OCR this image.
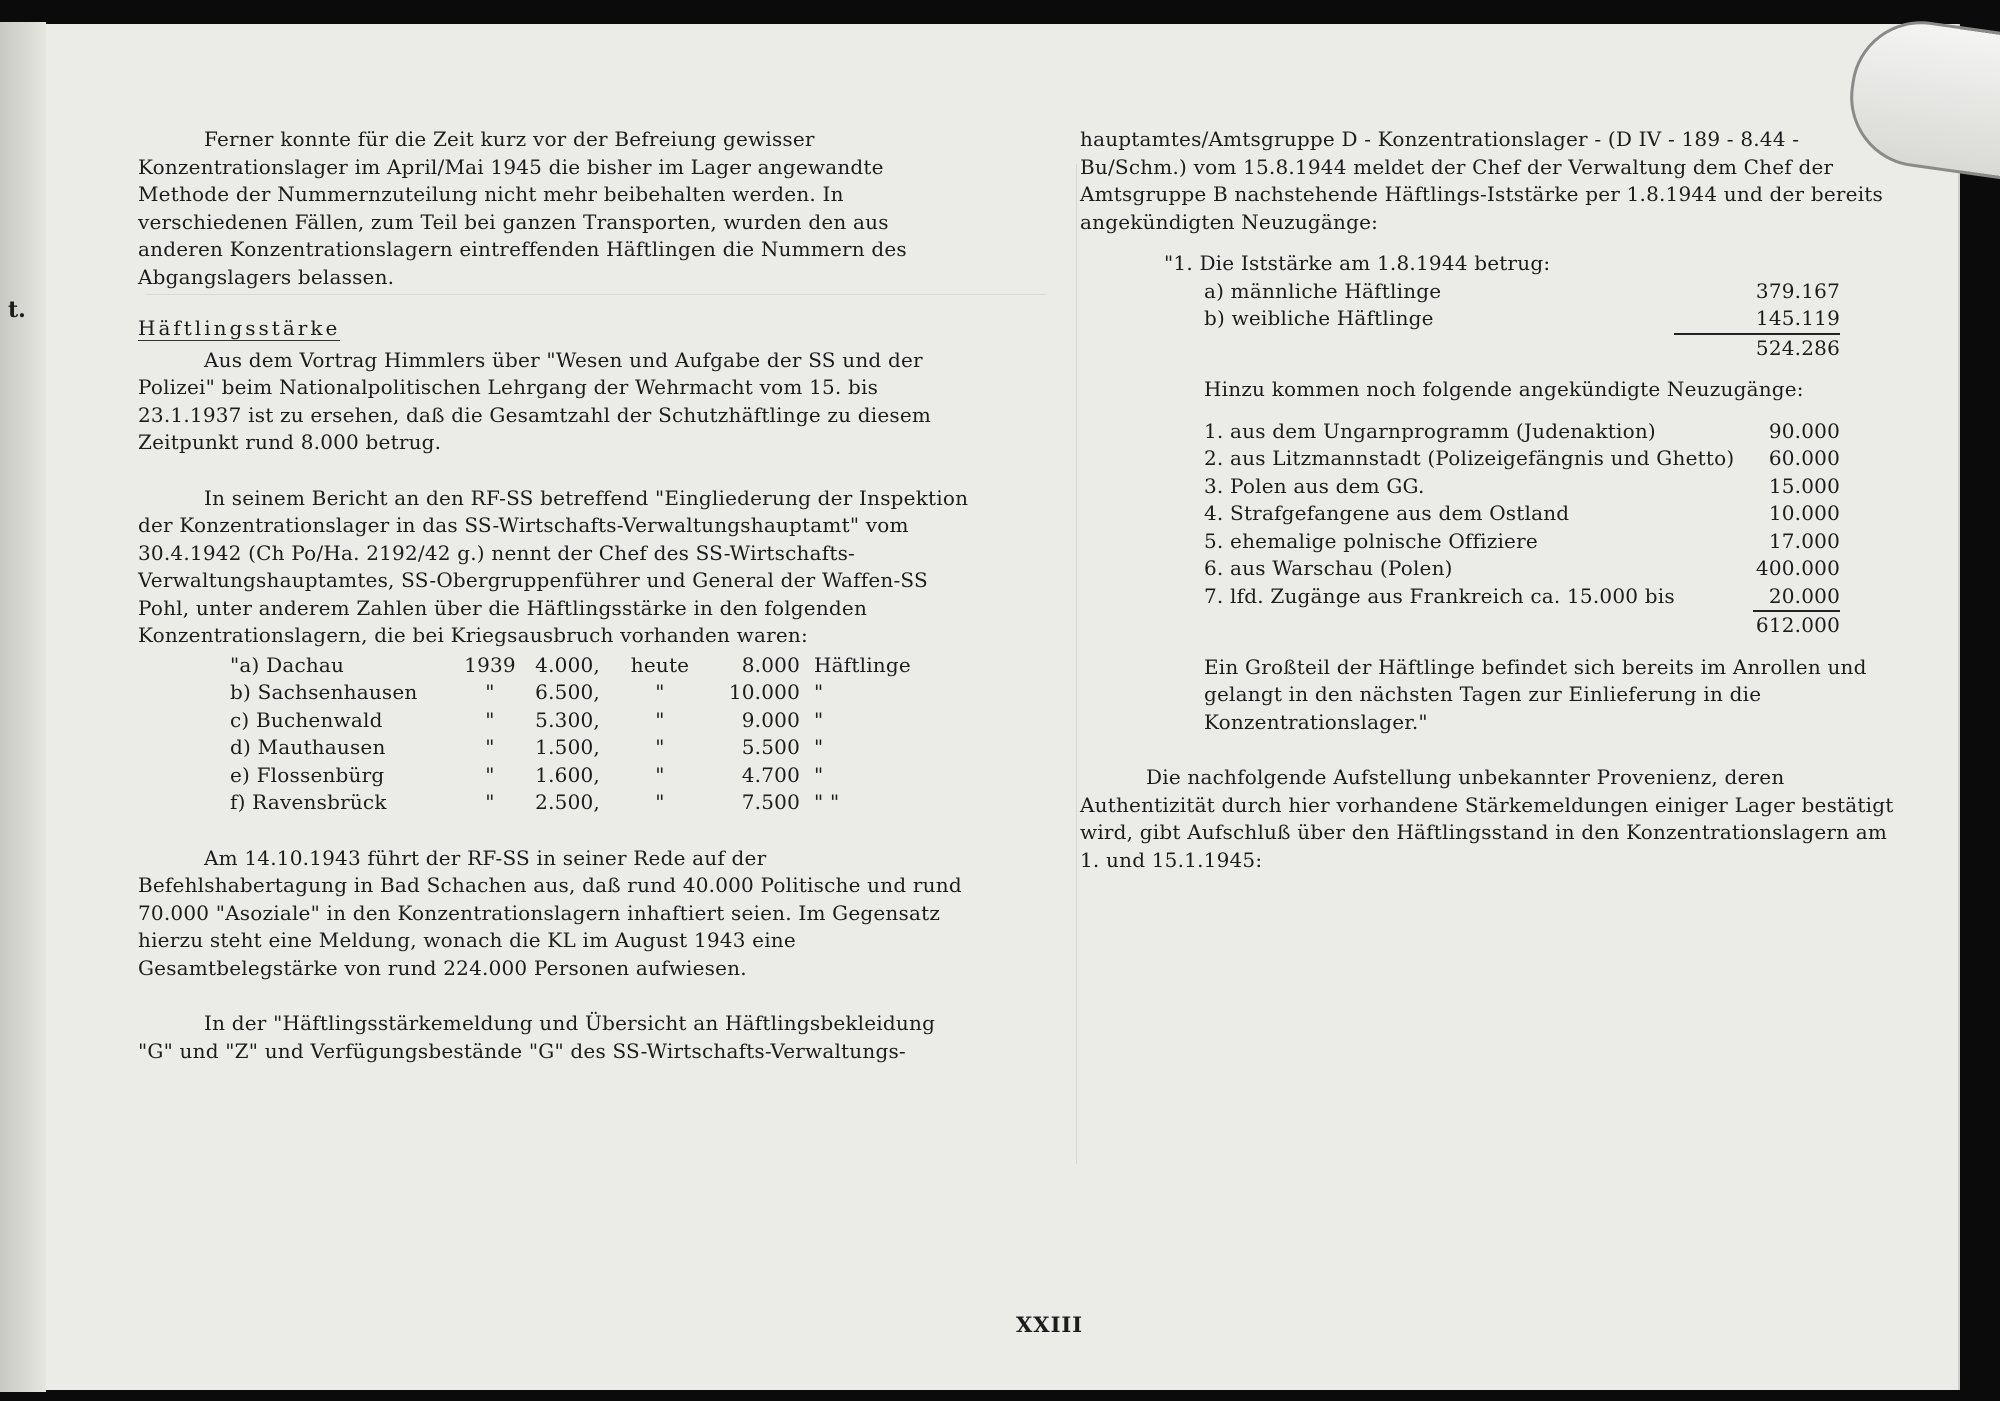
t.

Ferner konnte für die Zeit kurz vor der Befreiung gewisser Konzentrationslager im April/Mai 1945 die bisher im Lager angewandte Methode der Nummernzuteilung nicht mehr beibehalten werden. In verschiedenen Fällen, zum Teil bei ganzen Transporten, wurden den aus anderen Konzentrationslagern eintreffenden Häftlingen die Nummern des Abgangslagers belassen.

Häftlingsstärke

Aus dem Vortrag Himmlers über "Wesen und Aufgabe der SS und der Polizei" beim Nationalpolitischen Lehrgang der Wehrmacht vom 15. bis 23.1.1937 ist zu ersehen, daß die Gesamtzahl der Schutzhäftlinge zu diesem Zeitpunkt rund 8.000 betrug.

In seinem Bericht an den RF-SS betreffend "Eingliederung der Inspektion der Konzentrationslager in das SS-Wirtschafts-Verwaltungshauptamt" vom 30.4.1942 (Ch Po/Ha. 2192/42 g.) nennt der Chef des SS-Wirtschafts-Verwaltungshauptamtes, SS-Obergruppenführer und General der Waffen-SS Pohl, unter anderem Zahlen über die Häftlingsstärke in den folgenden Konzentrationslagern, die bei Kriegsausbruch vorhanden waren:

"a) Dachau	1939	4.000,	heute	8.000	Häftlinge
b) Sachsenhausen	"	6.500,	"	10.000	"
c) Buchenwald	"	5.300,	"	9.000	"
d) Mauthausen	"	1.500,	"	5.500	"
e) Flossenbürg	"	1.600,	"	4.700	"
f) Ravensbrück	"	2.500,	"	7.500	" "

Am 14.10.1943 führt der RF-SS in seiner Rede auf der Befehlshabertagung in Bad Schachen aus, daß rund 40.000 Politische und rund 70.000 "Asoziale" in den Konzentrationslagern inhaftiert seien. Im Gegensatz hierzu steht eine Meldung, wonach die KL im August 1943 eine Gesamtbelegstärke von rund 224.000 Personen aufwiesen.

In der "Häftlingsstärkemeldung und Übersicht an Häftlingsbekleidung "G" und "Z" und Verfügungsbestände "G" des SS-Wirtschafts-Verwaltungs-

hauptamtes/Amtsgruppe D - Konzentrationslager - (D IV - 189 - 8.44 - Bu/Schm.) vom 15.8.1944 meldet der Chef der Verwaltung dem Chef der Amtsgruppe B nachstehende Häftlings-Iststärke per 1.8.1944 und der bereits angekündigten Neuzugänge:

"1. Die Iststärke am 1.8.1944 betrug:

a) männliche Häftlinge	379.167
b) weibliche Häftlinge	145.119
	524.286

Hinzu kommen noch folgende angekündigte Neuzugänge:

1. aus dem Ungarnprogramm (Judenaktion)	90.000
2. aus Litzmannstadt (Polizeigefängnis und Ghetto)	60.000
3. Polen aus dem GG.	15.000
4. Strafgefangene aus dem Ostland	10.000
5. ehemalige polnische Offiziere	17.000
6. aus Warschau (Polen)	400.000
7. lfd. Zugänge aus Frankreich ca. 15.000 bis	20.000
	612.000

Ein Großteil der Häftlinge befindet sich bereits im Anrollen und gelangt in den nächsten Tagen zur Einlieferung in die Konzentrationslager."

Die nachfolgende Aufstellung unbekannter Provenienz, deren Authentizität durch hier vorhandene Stärkemeldungen einiger Lager bestätigt wird, gibt Aufschluß über den Häftlingsstand in den Konzentrationslagern am 1. und 15.1.1945:

XXIII
